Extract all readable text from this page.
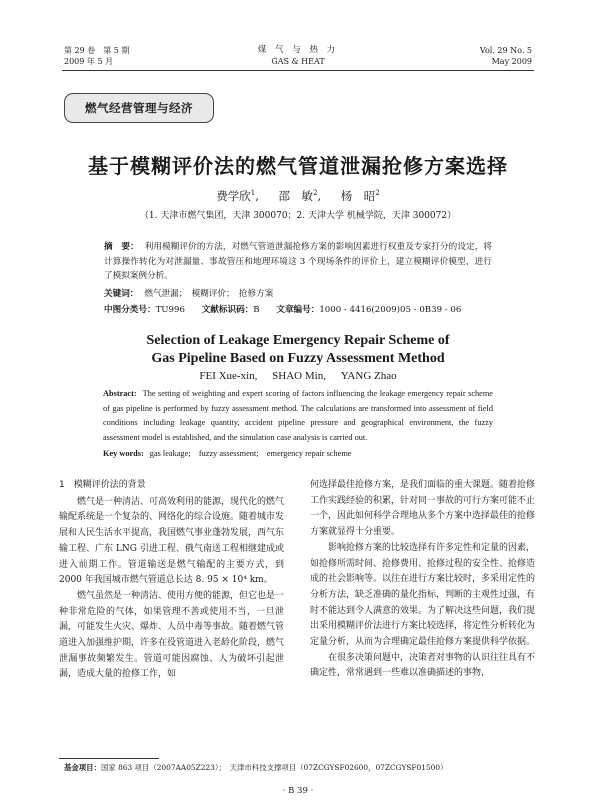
第 29 卷　第 5 期
2009 年 5 月
煤 气 与 热 力
GAS & HEAT
Vol. 29 No. 5
May 2009
燃气经营管理与经济
基于模糊评价法的燃气管道泄漏抢修方案选择
费学欣$^1$, 邵　敏$^2$, 杨　昭$^2$
（1. 天津市燃气集团，天津 300070；2. 天津大学 机械学院，天津 300072）
摘　要： 利用模糊评价的方法，对燃气管道泄漏抢修方案的影响因素进行权重及专家打分的设定，将计算操作转化为对泄漏量、事故管压和地理环境这 3 个现场条件的评价上，建立模糊评价模型，进行了模拟案例分析。
关键词： 燃气泄漏；　模糊评价；　抢修方案
中图分类号：TU996 文献标识码：B 文章编号：1000 - 4416(2009)05 - 0B39 - 06
Selection of Leakage Emergency Repair Scheme of
Gas Pipeline Based on Fuzzy Assessment Method
FEI Xue-xin, SHAO Min, YANG Zhao
Abstract: The setting of weighting and expert scoring of factors influencing the leakage emergency repair scheme of gas pipeline is performed by fuzzy assessment method. The calculations are transformed into assessment of field conditions including leakage quantity, accident pipeline pressure and geographical environment, the fuzzy assessment model is established, and the simulation case analysis is carried out.
Key words: gas leakage;　fuzzy assessment;　emergency repair scheme
1　模糊评价法的背景

燃气是一种清洁、可高效利用的能源，现代化的燃气输配系统是一个复杂的、网络化的综合设施。随着城市发展和人民生活水平提高，我国燃气事业蓬勃发展，西气东输工程、广东 LNG 引进工程、俄气南送工程相继建成或进入前期工作。管道输送是燃气输配的主要方式，到 2000 年我国城市燃气管道总长达 8. 95 × 10⁴ km。

燃气虽然是一种清洁、使用方便的能源，但它也是一种非常危险的气体，如果管理不善或使用不当，一旦泄漏，可能发生火灾、爆炸、人员中毒等事故。随着燃气管道进入加强维护期，许多在役管道进入老龄化阶段，燃气泄漏事故频繁发生。管道可能因腐蚀、人为破坏引起泄漏，造成大量的抢修工作，如

何选择最佳抢修方案，是我们面临的重大课题。随着抢修工作实践经验的积累，针对同一事故的可行方案可能不止一个，因此如何科学合理地从多个方案中选择最佳的抢修方案就显得十分重要。

影响抢修方案的比较选择有许多定性和定量的因素，如抢修所需时间、抢修费用、抢修过程的安全性、抢修造成的社会影响等。以往在进行方案比较时，多采用定性的分析方法，缺乏准确的量化指标，判断的主观性过强，有时不能达到令人满意的效果。为了解决这些问题，我们提出采用模糊评价法进行方案比较选择，将定性分析转化为定量分析，从而为合理确定最佳抢修方案提供科学依据。

在很多决策问题中，决策者对事物的认识往往具有不确定性，常常遇到一些难以准确描述的事物，

基金项目：国家 863 项目（2007AA05Z223）；　天津市科技支撑项目（07ZCGYSF02600，07ZCGYSF01500）
· B 39 ·
